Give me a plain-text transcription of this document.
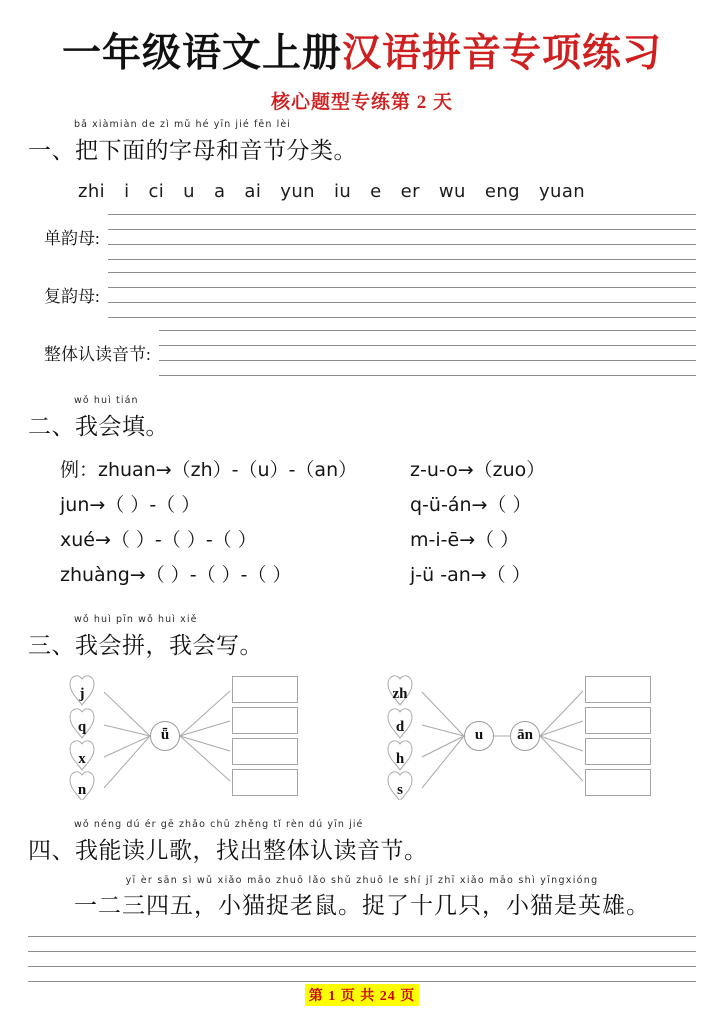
一年级语文上册汉语拼音专项练习
核心题型专练第 2 天
bǎ xiàmiàn de zì mǔ hé yīn jié fēn lèi
一、把下面的字母和音节分类。
zhi i ci u a ai yun iu e er wu eng yuan
单韵母:
复韵母:
整体认读音节:
wǒ huì tián
二、我会填。
例：zhuan→（zh）-（u）-（an）	z-u-o→（zuo）
jun→（ ）-（ ）	q-ü-án→（ ）
xué→（ ）-（ ）-（ ）	m-i-ē→（ ）
zhuàng→（ ）-（ ）-（ ）	j-ü -an→（ ）
wǒ huì pīn wǒ huì xiě
三、我会拼，我会写。
j
q
x
n
ǖ
zh
d
h
s
u	ān
wǒ néng dú ér gē zhǎo chū zhěng tǐ rèn dú yīn jié
四、我能读儿歌，找出整体认读音节。
yī èr sān sì wǔ xiǎo māo zhuō lǎo shǔ zhuō le shí jǐ zhī xiǎo māo shì yīngxióng
一二三四五，小猫捉老鼠。捉了十几只，小猫是英雄。
第 1 页 共 24 页
